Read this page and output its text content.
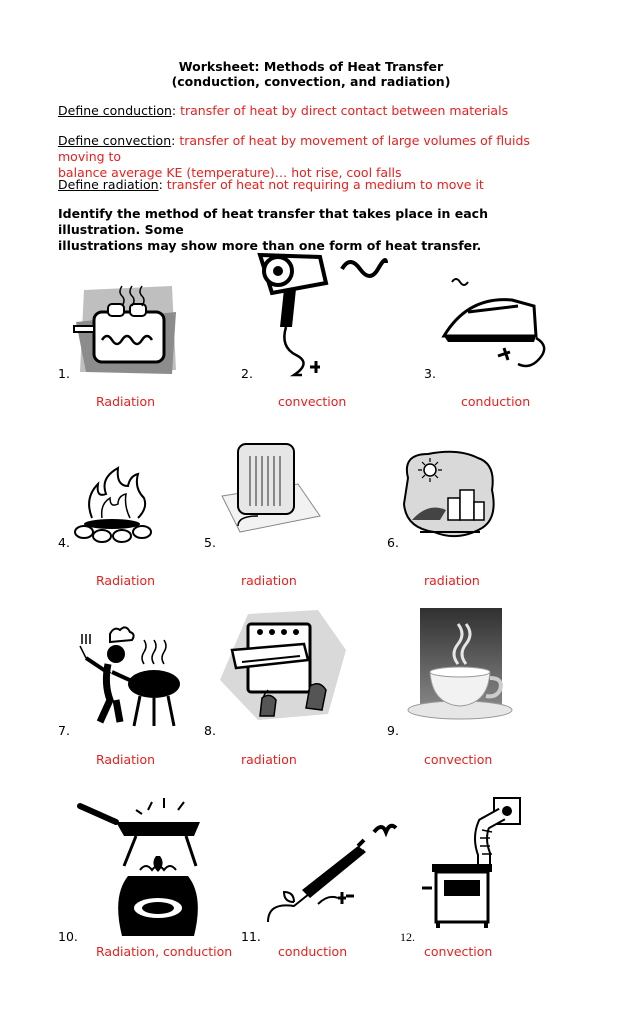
Worksheet: Methods of Heat Transfer
(conduction, convection, and radiation)
Define conduction: transfer of heat by direct contact between materials
Define convection: transfer of heat by movement of large volumes of fluids moving to
balance average KE (temperature)… hot rise, cool falls
Define radiation: transfer of heat not requiring a medium to move it
Identify the method of heat transfer that takes place in each illustration. Some
illustrations may show more than one form of heat transfer.
1.
Radiation
2.
convection
3.
conduction
4.
Radiation
5.
radiation
6.
radiation
7.
Radiation
8.
radiation
9.
convection
10.
Radiation, conduction
11.
conduction
12.
convection
